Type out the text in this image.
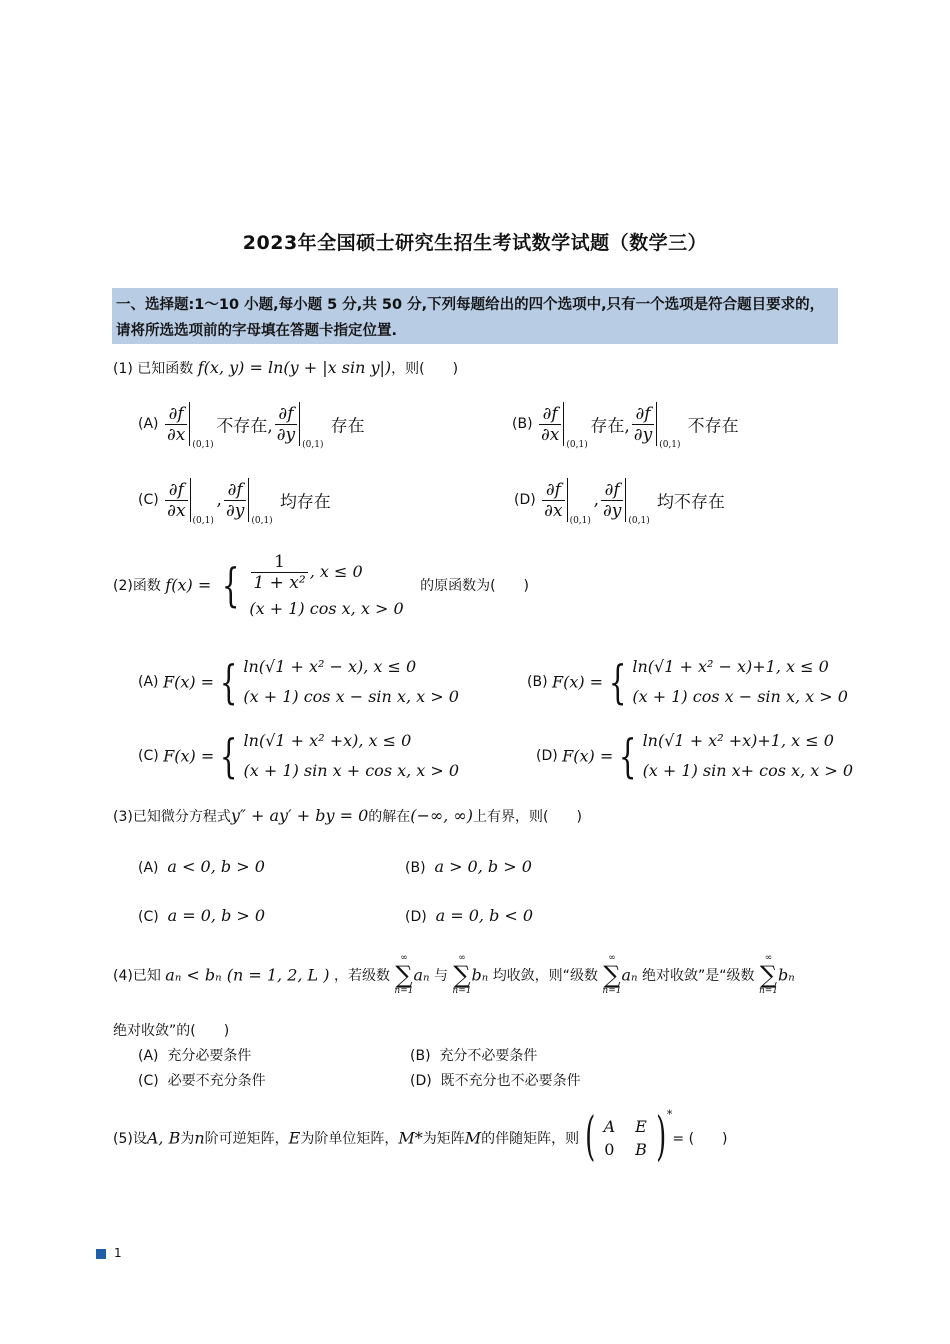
2023年全国硕士研究生招生考试数学试题（数学三）
一、选择题:1～10 小题,每小题 5 分,共 50 分,下列每题给出的四个选项中,只有一个选项是符合题目要求的，请将所选选项前的字母填在答题卡指定位置.
(1) 已知函数 f(x, y) = ln(y + |x sin y|)，则(　　)
$(A) \frac{\partial f}{\partial x}$
(0,1)
不存在, $\frac{\partial f}{\partial y}$
(0,1)
存在	$(B) \frac{\partial f}{\partial x}$
(0,1)
存在, $\frac{\partial f}{\partial y}$
(0,1)
不存在
$(C) \frac{\partial f}{\partial x}$
(0,1)
, $\frac{\partial f}{\partial y}$
(0,1)
均存在	$(D) \frac{\partial f}{\partial x}$
(0,1)
, $\frac{\partial f}{\partial y}$
(0,1)
均不存在
(2)函数 f(x) = { $\frac{1}{\text{1 + x²}}$ , x ≤ 0
(x + 1) cos x, x > 0
的原函数为(　　)
(A) F(x) = { ln(√1 + x² − x), x ≤ 0
(x + 1) cos x − sin x, x > 0
(B) F(x) = { ln(√1 + x² − x)+1, x ≤ 0
(x + 1) cos x − sin x, x > 0
(C) F(x) = { ln(√1 + x² +x), x ≤ 0
(x + 1) sin x + cos x, x > 0
(D) F(x) = { ln(√1 + x² +x)+1, x ≤ 0
(x + 1) sin x+ cos x, x > 0
(3)已知微分方程式y″ + ay′ + by = 0的解在(−∞, ∞)上有界，则(　　)
(A) a < 0, b > 0	(B) a > 0, b > 0
(C) a = 0, b > 0	(D) a = 0, b < 0
(4)已知 aₙ < bₙ (n = 1, 2, L ) ，若级数
∞
∑
n=1
aₙ 与
∞
∑
n=1
bₙ 均收敛，则“级数
∞
∑
n=1
aₙ 绝对收敛”是“级数
∞
∑
n=1
bₙ
绝对收敛”的(　　)
(A) 充分必要条件	(B) 充分不必要条件
(C) 必要不充分条件	(D) 既不充分也不必要条件
(5)设A, B为n阶可逆矩阵，E为阶单位矩阵，M*为矩阵M的伴随矩阵，则 ( A	E
0	B ) *= (　　)
1
